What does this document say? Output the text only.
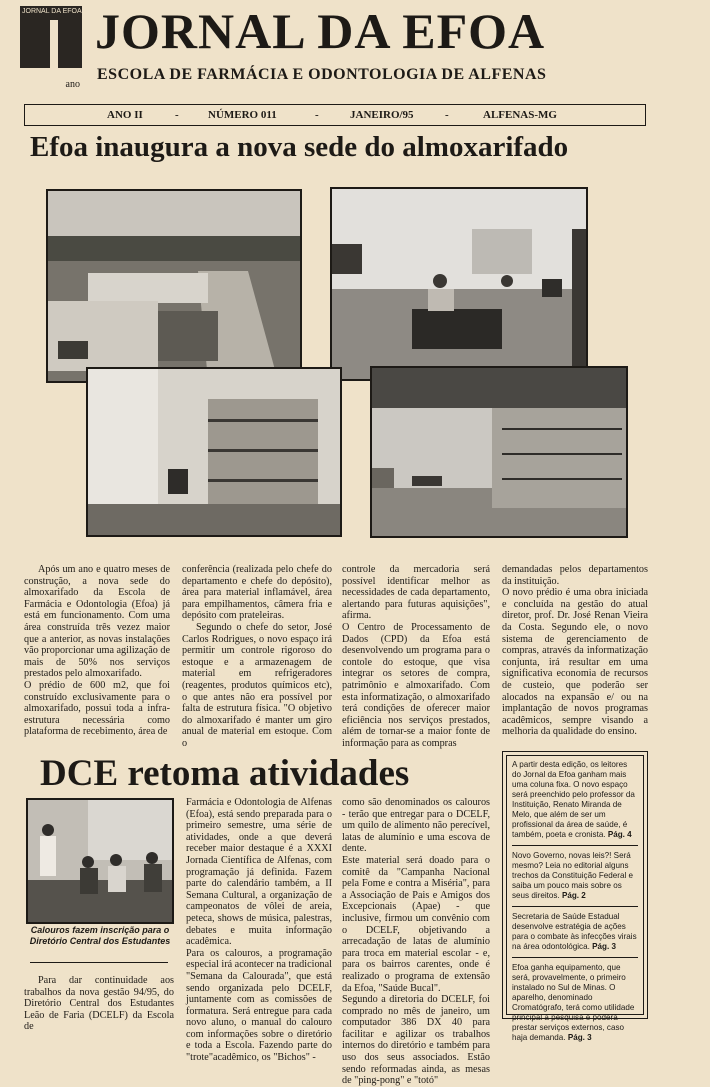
JORNAL DA EFOA
ano
JORNAL DA EFOA
ESCOLA DE FARMÁCIA E ODONTOLOGIA DE ALFENAS
ANO II	-	NÚMERO 011	-	JANEIRO/95	-	ALFENAS-MG
Efoa inaugura a nova sede do almoxarifado

Após um ano e quatro meses de construção, a nova sede do almoxarifado da Escola de Farmácia e Odontologia (Efoa) já está em funcionamento. Com uma área construída três vezez maior que a anterior, as novas instalações vão proporcionar uma agilização de mais de 50% nos serviços prestados pelo almoxarifado.

O prédio de 600 m2, que foi construído exclusivamente para o almoxarifado, possui toda a infra-estrutura necessária como plataforma de recebimento, área de

conferência (realizada pelo chefe do departamento e chefe do depósito), área para material inflamável, área para empilhamentos, câmera fria e depósito com prateleiras.

Segundo o chefe do setor, José Carlos Rodrigues, o novo espaço irá permitir um controle rigoroso do estoque e a armazenagem de material em refrigeradores (reagentes, produtos químicos etc), o que antes não era possível por falta de estrutura física. "O objetivo do almoxarifado é manter um giro anual de material em estoque. Com o

controle da mercadoria será possível identificar melhor as necessidades de cada departamento, alertando para futuras aquisições", afirma.

O Centro de Processamento de Dados (CPD) da Efoa está desenvolvendo um programa para o contole do estoque, que visa integrar os setores de compra, patrimônio e almoxarifado. Com esta informatização, o almoxarifado terá condições de oferecer maior eficiência nos serviços prestados, além de tornar-se a maior fonte de informação para as compras

demandadas pelos departamentos da instituição.

O novo prédio é uma obra iniciada e concluída na gestão do atual diretor, prof. Dr. José Renan Vieira da Costa. Segundo ele, o novo sistema de gerenciamento de compras, através da informatização conjunta, irá resultar em uma significativa economia de recursos de custeio, que poderão ser alocados na expansão e/ ou na implantação de novos programas acadêmicos, sempre visando a melhoria da qualidade do ensino.

DCE retoma atividades
Calouros fazem inscrição para o Diretório Central dos Estudantes

Para dar continuidade aos trabalhos da nova gestão 94/95, do Diretório Central dos Estudantes Leão de Faria (DCELF) da Escola de

Farmácia e Odontologia de Alfenas (Efoa), está sendo preparada para o primeiro semestre, uma série de atividades, onde a que deverá receber maior destaque é a XXXI Jornada Científica de Alfenas, com programação já definida. Fazem parte do calendário também, a II Semana Cultural, a organização de campeonatos de vôlei de areia, peteca, shows de música, palestras, debates e muita informação acadêmica.

Para os calouros, a programação especial irá acontecer na tradicional "Semana da Calourada", que está sendo organizada pelo DCELF, juntamente com as comissões de formatura. Será entregue para cada novo aluno, o manual do calouro com informações sobre o diretório e toda a Escola. Fazendo parte do "trote"acadêmico, os "Bichos" -

como são denominados os calouros - terão que entregar para o DCELF, um quilo de alimento não perecível, latas de alumínio e uma escova de dente.

Este material será doado para o comitê da "Campanha Nacional pela Fome e contra a Miséria", para a Associação de Pais e Amigos dos Excepcionais (Apae) - que inclusive, firmou um convênio com o DCELF, objetivando a arrecadação de latas de alumínio para troca em material escolar - e, para os bairros carentes, onde é realizado o programa de extensão da Efoa, "Saúde Bucal".

Segundo a diretoria do DCELF, foi comprado no mês de janeiro, um computador 386 DX 40 para facilitar e agilizar os trabalhos internos do diretório e também para uso dos seus associados. Estão sendo reformadas ainda, as mesas de "ping-pong" e "totó"

A partir desta edição, os leitores do Jornal da Efoa ganham mais uma coluna fixa. O novo espaço será preenchido pelo professor da Instituição, Renato Miranda de Melo, que além de ser um profissional da área de saúde, é também, poeta e cronista. Pág. 4
Novo Governo, novas leis?! Será mesmo? Leia no editorial alguns trechos da Constituição Federal e saiba um pouco mais sobre os seus direitos. Pág. 2
Secretaria de Saúde Estadual desenvolve estratégia de ações para o combate às infecções virais na área odontológica. Pág. 3
Efoa ganha equipamento, que será, provavelmente, o primeiro instalado no Sul de Minas. O aparelho, denominado Cromatógrafo, terá como utilidade principal a pesquisa e poderá prestar serviços externos, caso haja demanda. Pág. 3
